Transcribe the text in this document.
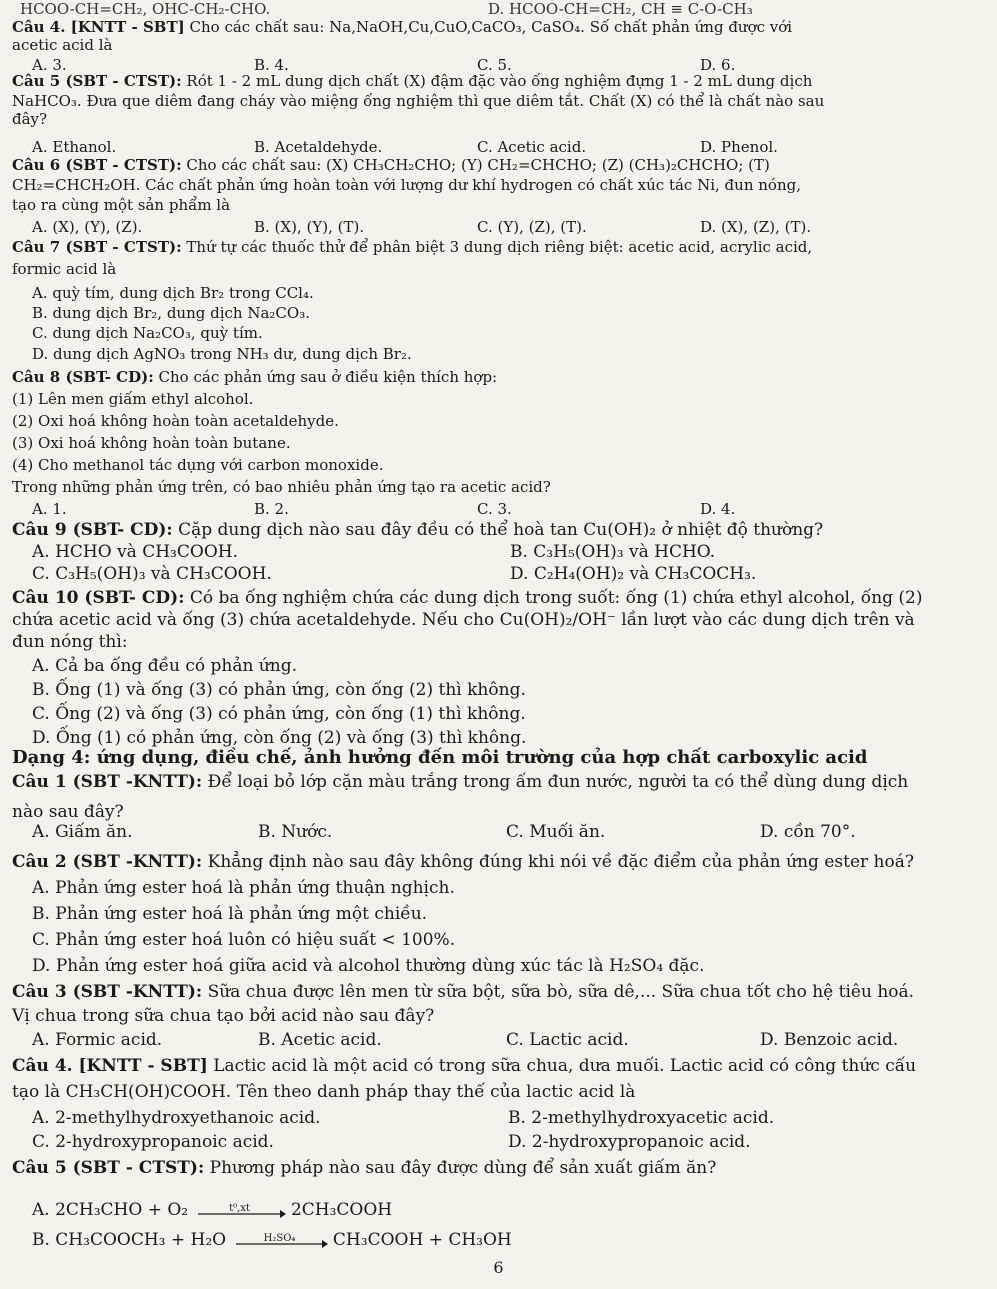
HCOO-CH=CH₂, OHC-CH₂-CHO.	D. HCOO-CH=CH₂, CH ≡ C-O-CH₃
Câu 4. [KNTT - SBT] Cho các chất sau: Na,NaOH,Cu,CuO,CaCO₃, CaSO₄. Số chất phản ứng được với
acetic acid là
A. 3.	B. 4.	C. 5.	D. 6.
Câu 5 (SBT - CTST): Rót 1 - 2 mL dung dịch chất (X) đậm đặc vào ống nghiệm đựng 1 - 2 mL dung dịch
NaHCO₃. Đưa que diêm đang cháy vào miệng ống nghiệm thì que diêm tắt. Chất (X) có thể là chất nào sau
đây?
A. Ethanol.	B. Acetaldehyde.	C. Acetic acid.	D. Phenol.
Câu 6 (SBT - CTST): Cho các chất sau: (X) CH₃CH₂CHO; (Y) CH₂=CHCHO; (Z) (CH₃)₂CHCHO; (T)
CH₂=CHCH₂OH. Các chất phản ứng hoàn toàn với lượng dư khí hydrogen có chất xúc tác Ni, đun nóng,
tạo ra cùng một sản phẩm là
A. (X), (Y), (Z).	B. (X), (Y), (T).	C. (Y), (Z), (T).	D. (X), (Z), (T).
Câu 7 (SBT - CTST): Thứ tự các thuốc thử để phân biệt 3 dung dịch riêng biệt: acetic acid, acrylic acid,
formic acid là
A. quỳ tím, dung dịch Br₂ trong CCl₄.
B. dung dịch Br₂, dung dịch Na₂CO₃.
C. dung dịch Na₂CO₃, quỳ tím.
D. dung dịch AgNO₃ trong NH₃ dư, dung dịch Br₂.
Câu 8 (SBT- CD): Cho các phản ứng sau ở điều kiện thích hợp:
(1) Lên men giấm ethyl alcohol.
(2) Oxi hoá không hoàn toàn acetaldehyde.
(3) Oxi hoá không hoàn toàn butane.
(4) Cho methanol tác dụng với carbon monoxide.
Trong những phản ứng trên, có bao nhiêu phản ứng tạo ra acetic acid?
A. 1.	B. 2.	C. 3.	D. 4.
Câu 9 (SBT- CD): Cặp dung dịch nào sau đây đều có thể hoà tan Cu(OH)₂ ở nhiệt độ thường?
A. HCHO và CH₃COOH.	B. C₃H₅(OH)₃ và HCHO.
C. C₃H₅(OH)₃ và CH₃COOH.	D. C₂H₄(OH)₂ và CH₃COCH₃.
Câu 10 (SBT- CD): Có ba ống nghiệm chứa các dung dịch trong suốt: ống (1) chứa ethyl alcohol, ống (2)
chứa acetic acid và ống (3) chứa acetaldehyde. Nếu cho Cu(OH)₂/OH⁻ lần lượt vào các dung dịch trên và
đun nóng thì:
A. Cả ba ống đều có phản ứng.
B. Ống (1) và ống (3) có phản ứng, còn ống (2) thì không.
C. Ống (2) và ống (3) có phản ứng, còn ống (1) thì không.
D. Ống (1) có phản ứng, còn ống (2) và ống (3) thì không.
Dạng 4: ứng dụng, điều chế, ảnh hưởng đến môi trường của hợp chất carboxylic acid
Câu 1 (SBT -KNTT): Để loại bỏ lớp cặn màu trắng trong ấm đun nước, người ta có thể dùng dung dịch
nào sau đây?
A. Giấm ăn.	B. Nước.	C. Muối ăn.	D. cồn 70°.
Câu 2 (SBT -KNTT): Khẳng định nào sau đây không đúng khi nói về đặc điểm của phản ứng ester hoá?
A. Phản ứng ester hoá là phản ứng thuận nghịch.
B. Phản ứng ester hoá là phản ứng một chiều.
C. Phản ứng ester hoá luôn có hiệu suất < 100%.
D. Phản ứng ester hoá giữa acid và alcohol thường dùng xúc tác là H₂SO₄ đặc.
Câu 3 (SBT -KNTT): Sữa chua được lên men từ sữa bột, sữa bò, sữa dê,... Sữa chua tốt cho hệ tiêu hoá.
Vị chua trong sữa chua tạo bởi acid nào sau đây?
A. Formic acid.	B. Acetic acid.	C. Lactic acid.	D. Benzoic acid.
Câu 4. [KNTT - SBT] Lactic acid là một acid có trong sữa chua, dưa muối. Lactic acid có công thức cấu
tạo là CH₃CH(OH)COOH. Tên theo danh pháp thay thế của lactic acid là
A. 2-methylhydroxyethanoic acid.	B. 2-methylhydroxyacetic acid.
C. 2-hydroxypropanoic acid.	D. 2-hydroxypropanoic acid.
Câu 5 (SBT - CTST): Phương pháp nào sau đây được dùng để sản xuất giấm ăn?
A. 2CH₃CHO + O₂	t⁰,xt	2CH₃COOH
B. CH₃COOCH₃ + H₂O	H₂SO₄	CH₃COOH + CH₃OH
6
